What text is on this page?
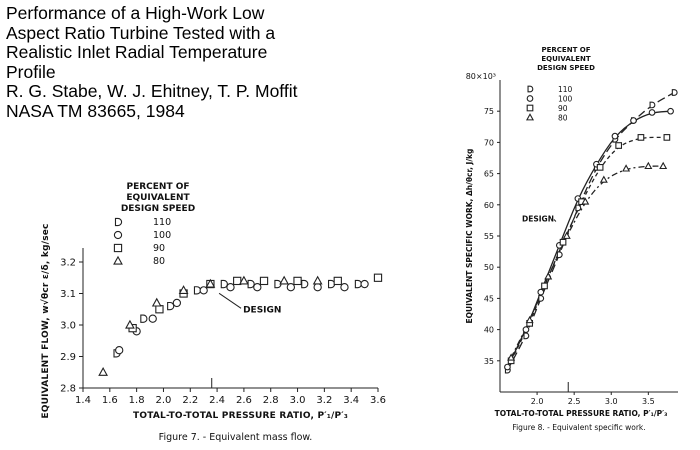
Performance of a High-Work Low
Aspect Ratio Turbine Tested with a
Realistic Inlet Radial Temperature
Profile
R. G. Stabe, W. J. Ehitney, T. P. Moffit
NASA TM 83665, 1984
1.4 1.6 1.8 2.0 2.2 2.4 2.6 2.8 3.0 3.2 3.4 3.6
2.8
2.9
3.0
3.1
3.2
TOTAL-TO-TOTAL PRESSURE RATIO, P′₁/P′₃
EQUIVALENT FLOW, w√θcr ε/δ, kg/sec
PERCENT OF
EQUIVALENT
DESIGN SPEED
110
100
90
80
DESIGN
Figure 7. - Equivalent mass flow.
2.0	2.5	3.0	3.5
35
40
45
50
55
60
65
70
75
80×10³
TOTAL-TO-TOTAL PRESSURE RATIO, P′₁/P′₃
EQUIVALENT SPECIFIC WORK, Δh/θcr, J/kg
PERCENT OF
EQUIVALENT
DESIGN SPEED
110
100
90
80
DESIGN
Figure 8. - Equivalent specific work.
